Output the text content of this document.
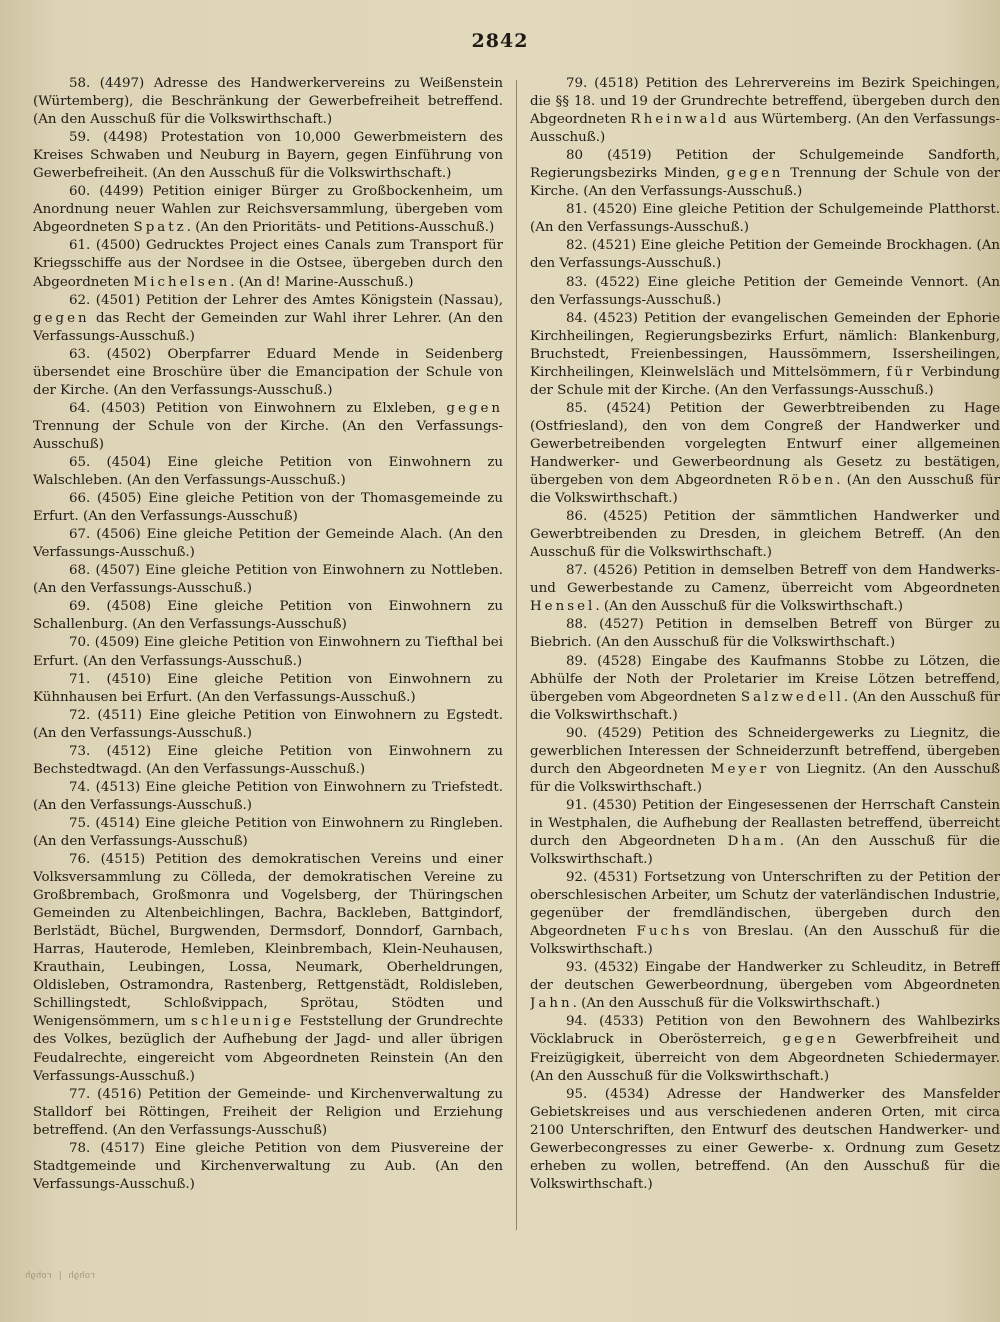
2842

58. (4497) Adresse des Handwerkervereins zu Weißenstein (Würtemberg), die Beschränkung der Gewerbefreiheit betreffend. (An den Ausschuß für die Volkswirthschaft.)

59. (4498) Protestation von 10,000 Gewerbmeistern des Kreises Schwaben und Neuburg in Bayern, gegen Einführung von Gewerbefreiheit. (An den Ausschuß für die Volkswirthschaft.)

60. (4499) Petition einiger Bürger zu Großbockenheim, um Anordnung neuer Wahlen zur Reichsversammlung, übergeben vom Abgeordneten Spatz. (An den Prioritäts- und Petitions-Ausschuß.)

61. (4500) Gedrucktes Project eines Canals zum Transport für Kriegsschiffe aus der Nordsee in die Ostsee, übergeben durch den Abgeordneten Michelsen. (An d! Marine-Ausschuß.)

62. (4501) Petition der Lehrer des Amtes Königstein (Nassau), gegen das Recht der Gemeinden zur Wahl ihrer Lehrer. (An den Verfassungs-Ausschuß.)

63. (4502) Oberpfarrer Eduard Mende in Seidenberg übersendet eine Broschüre über die Emancipation der Schule von der Kirche. (An den Verfassungs-Ausschuß.)

64. (4503) Petition von Einwohnern zu Elxleben, gegen Trennung der Schule von der Kirche. (An den Verfassungs-Ausschuß)

65. (4504) Eine gleiche Petition von Einwohnern zu Walschleben. (An den Verfassungs-Ausschuß.)

66. (4505) Eine gleiche Petition von der Thomasgemeinde zu Erfurt. (An den Verfassungs-Ausschuß)

67. (4506) Eine gleiche Petition der Gemeinde Alach. (An den Verfassungs-Ausschuß.)

68. (4507) Eine gleiche Petition von Einwohnern zu Nottleben. (An den Verfassungs-Ausschuß.)

69. (4508) Eine gleiche Petition von Einwohnern zu Schallenburg. (An den Verfassungs-Ausschuß)

70. (4509) Eine gleiche Petition von Einwohnern zu Tiefthal bei Erfurt. (An den Verfassungs-Ausschuß.)

71. (4510) Eine gleiche Petition von Einwohnern zu Kühnhausen bei Erfurt. (An den Verfassungs-Ausschuß.)

72. (4511) Eine gleiche Petition von Einwohnern zu Egstedt. (An den Verfassungs-Ausschuß.)

73. (4512) Eine gleiche Petition von Einwohnern zu Bechstedtwagd. (An den Verfassungs-Ausschuß.)

74. (4513) Eine gleiche Petition von Einwohnern zu Triefstedt. (An den Verfassungs-Ausschuß.)

75. (4514) Eine gleiche Petition von Einwohnern zu Ringleben. (An den Verfassungs-Ausschuß)

76. (4515) Petition des demokratischen Vereins und einer Volksversammlung zu Cölleda, der demokratischen Vereine zu Großbrembach, Großmonra und Vogelsberg, der Thüringschen Gemeinden zu Altenbeichlingen, Bachra, Backleben, Battgindorf, Berlstädt, Büchel, Burgwenden, Dermsdorf, Donndorf, Garnbach, Harras, Hauterode, Hemleben, Kleinbrembach, Klein-Neuhausen, Krauthain, Leubingen, Lossa, Neumark, Oberheldrungen, Oldisleben, Ostramondra, Rastenberg, Rettgenstädt, Roldisleben, Schillingstedt, Schloßvippach, Sprötau, Stödten und Wenigensömmern, um schleunige Feststellung der Grundrechte des Volkes, bezüglich der Aufhebung der Jagd- und aller übrigen Feudalrechte, eingereicht vom Abgeordneten Reinstein (An den Verfassungs-Ausschuß.)

77. (4516) Petition der Gemeinde- und Kirchenverwaltung zu Stalldorf bei Röttingen, Freiheit der Religion und Erziehung betreffend. (An den Verfassungs-Ausschuß)

78. (4517) Eine gleiche Petition von dem Piusvereine der Stadtgemeinde und Kirchenverwaltung zu Aub. (An den Verfassungs-Ausschuß.)

79. (4518) Petition des Lehrervereins im Bezirk Speichingen, die §§ 18. und 19 der Grundrechte betreffend, übergeben durch den Abgeordneten Rheinwald aus Würtemberg. (An den Verfassungs-Ausschuß.)

80 (4519) Petition der Schulgemeinde Sandforth, Regierungsbezirks Minden, gegen Trennung der Schule von der Kirche. (An den Verfassungs-Ausschuß.)

81. (4520) Eine gleiche Petition der Schulgemeinde Platthorst. (An den Verfassungs-Ausschuß.)

82. (4521) Eine gleiche Petition der Gemeinde Brockhagen. (An den Verfassungs-Ausschuß.)

83. (4522) Eine gleiche Petition der Gemeinde Vennort. (An den Verfassungs-Ausschuß.)

84. (4523) Petition der evangelischen Gemeinden der Ephorie Kirchheilingen, Regierungsbezirks Erfurt, nämlich: Blankenburg, Bruchstedt, Freienbessingen, Haussömmern, Issersheilingen, Kirchheilingen, Kleinwelsläch und Mittelsömmern, für Verbindung der Schule mit der Kirche. (An den Verfassungs-Ausschuß.)

85. (4524) Petition der Gewerbtreibenden zu Hage (Ostfriesland), den von dem Congreß der Handwerker und Gewerbetreibenden vorgelegten Entwurf einer allgemeinen Handwerker- und Gewerbeordnung als Gesetz zu bestätigen, übergeben von dem Abgeordneten Röben. (An den Ausschuß für die Volkswirthschaft.)

86. (4525) Petition der sämmtlichen Handwerker und Gewerbtreibenden zu Dresden, in gleichem Betreff. (An den Ausschuß für die Volkswirthschaft.)

87. (4526) Petition in demselben Betreff von dem Handwerks- und Gewerbestande zu Camenz, überreicht vom Abgeordneten Hensel. (An den Ausschuß für die Volkswirthschaft.)

88. (4527) Petition in demselben Betreff von Bürger zu Biebrich. (An den Ausschuß für die Volkswirthschaft.)

89. (4528) Eingabe des Kaufmanns Stobbe zu Lötzen, die Abhülfe der Noth der Proletarier im Kreise Lötzen betreffend, übergeben vom Abgeordneten Salzwedell. (An den Ausschuß für die Volkswirthschaft.)

90. (4529) Petition des Schneidergewerks zu Liegnitz, die gewerblichen Interessen der Schneiderzunft betreffend, übergeben durch den Abgeordneten Meyer von Liegnitz. (An den Ausschuß für die Volkswirthschaft.)

91. (4530) Petition der Eingesessenen der Herrschaft Canstein in Westphalen, die Aufhebung der Reallasten betreffend, überreicht durch den Abgeordneten Dham. (An den Ausschuß für die Volkswirthschaft.)

92. (4531) Fortsetzung von Unterschriften zu der Petition der oberschlesischen Arbeiter, um Schutz der vaterländischen Industrie, gegenüber der fremdländischen, übergeben durch den Abgeordneten Fuchs von Breslau. (An den Ausschuß für die Volkswirthschaft.)

93. (4532) Eingabe der Handwerker zu Schleuditz, in Betreff der deutschen Gewerbeordnung, übergeben vom Abgeordneten Jahn. (An den Ausschuß für die Volkswirthschaft.)

94. (4533) Petition von den Bewohnern des Wahlbezirks Vöcklabruck in Oberösterreich, gegen Gewerbfreiheit und Freizügigkeit, überreicht von dem Abgeordneten Schiedermayer. (An den Ausschuß für die Volkswirthschaft.)

95. (4534) Adresse der Handwerker des Mansfelder Gebietskreises und aus verschiedenen anderen Orten, mit circa 2100 Unterschriften, den Entwurf des deutschen Handwerker- und Gewerbecongresses zu einer Gewerbe- x. Ordnung zum Gesetz erheben zu wollen, betreffend. (An den Ausschuß für die Volkswirthschaft.)

ɥ6ɥoɹ | ɥ6ɥoɹ
